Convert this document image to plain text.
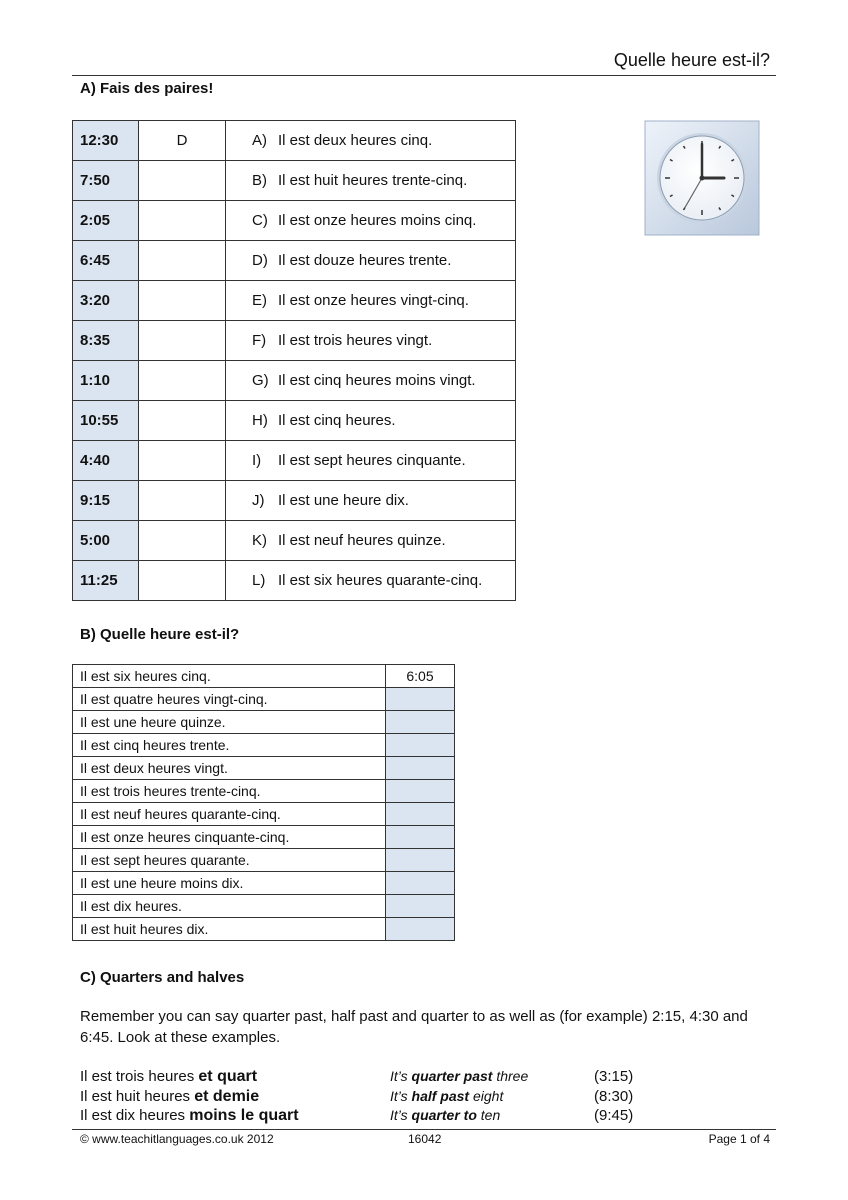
Quelle heure est-il?
A) Fais des paires!
12:30	D	A) Il est deux heures cinq.
7:50		B) Il est huit heures trente-cinq.
2:05		C) Il est onze heures moins cinq.
6:45		D) Il est douze heures trente.
3:20		E) Il est onze heures vingt-cinq.
8:35		F) Il est trois heures vingt.
1:10		G) Il est cinq heures moins vingt.
10:55		H) Il est cinq heures.
4:40		I) Il est sept heures cinquante.
9:15		J) Il est une heure dix.
5:00		K) Il est neuf heures quinze.
11:25		L) Il est six heures quarante-cinq.
B) Quelle heure est-il?
Il est six heures cinq.	6:05
Il est quatre heures vingt-cinq.	
Il est une heure quinze.	
Il est cinq heures trente.	
Il est deux heures vingt.	
Il est trois heures trente-cinq.	
Il est neuf heures quarante-cinq.	
Il est onze heures cinquante-cinq.	
Il est sept heures quarante.	
Il est une heure moins dix.	
Il est dix heures.	
Il est huit heures dix.	
C) Quarters and halves
Remember you can say quarter past, half past and quarter to as well as (for example) 2:15, 4:30 and 6:45. Look at these examples.
Il est trois heures et quart	It’s quarter past three	(3:15)
Il est huit heures et demie	It’s half past eight	(8:30)
Il est dix heures moins le quart	It’s quarter to ten	(9:45)
© www.teachitlanguages.co.uk 2012	16042	Page 1 of 4
